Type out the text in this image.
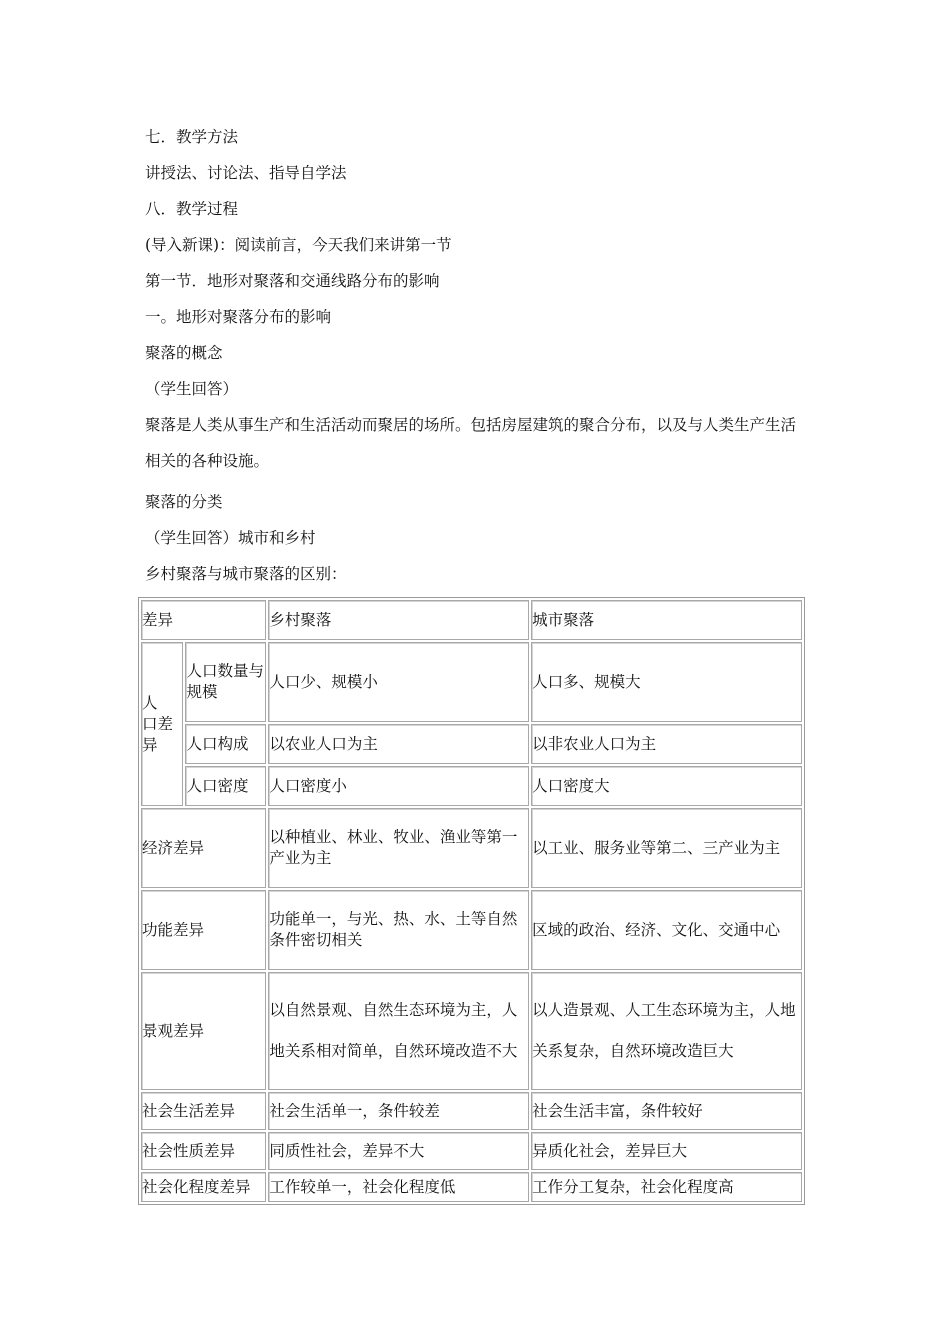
七．教学方法
讲授法、讨论法、指导自学法
八．教学过程
(导入新课)：阅读前言，今天我们来讲第一节
第一节．地形对聚落和交通线路分布的影响
一。地形对聚落分布的影响
聚落的概念
（学生回答）
聚落是人类从事生产和生活活动而聚居的场所。包括房屋建筑的聚合分布，以及与人类生产生活相关的各种设施。
聚落的分类
（学生回答）城市和乡村
乡村聚落与城市聚落的区别：
差异		乡村聚落	城市聚落
人　口差异	人口数量与规模	人口少、规模小	人口多、规模大
	人口构成	以农业人口为主	以非农业人口为主
	人口密度	人口密度小	人口密度大
经济差异		以种植业、林业、牧业、渔业等第一产业为主	以工业、服务业等第二、三产业为主
功能差异		功能单一，与光、热、水、土等自然条件密切相关	区域的政治、经济、文化、交通中心
景观差异		以自然景观、自然生态环境为主，人地关系相对简单，自然环境改造不大	以人造景观、人工生态环境为主，人地关系复杂，自然环境改造巨大
社会生活差异		社会生活单一，条件较差	社会生活丰富，条件较好
社会性质差异		同质性社会，差异不大	异质化社会，差异巨大
社会化程度差异		工作较单一，社会化程度低	工作分工复杂，社会化程度高
